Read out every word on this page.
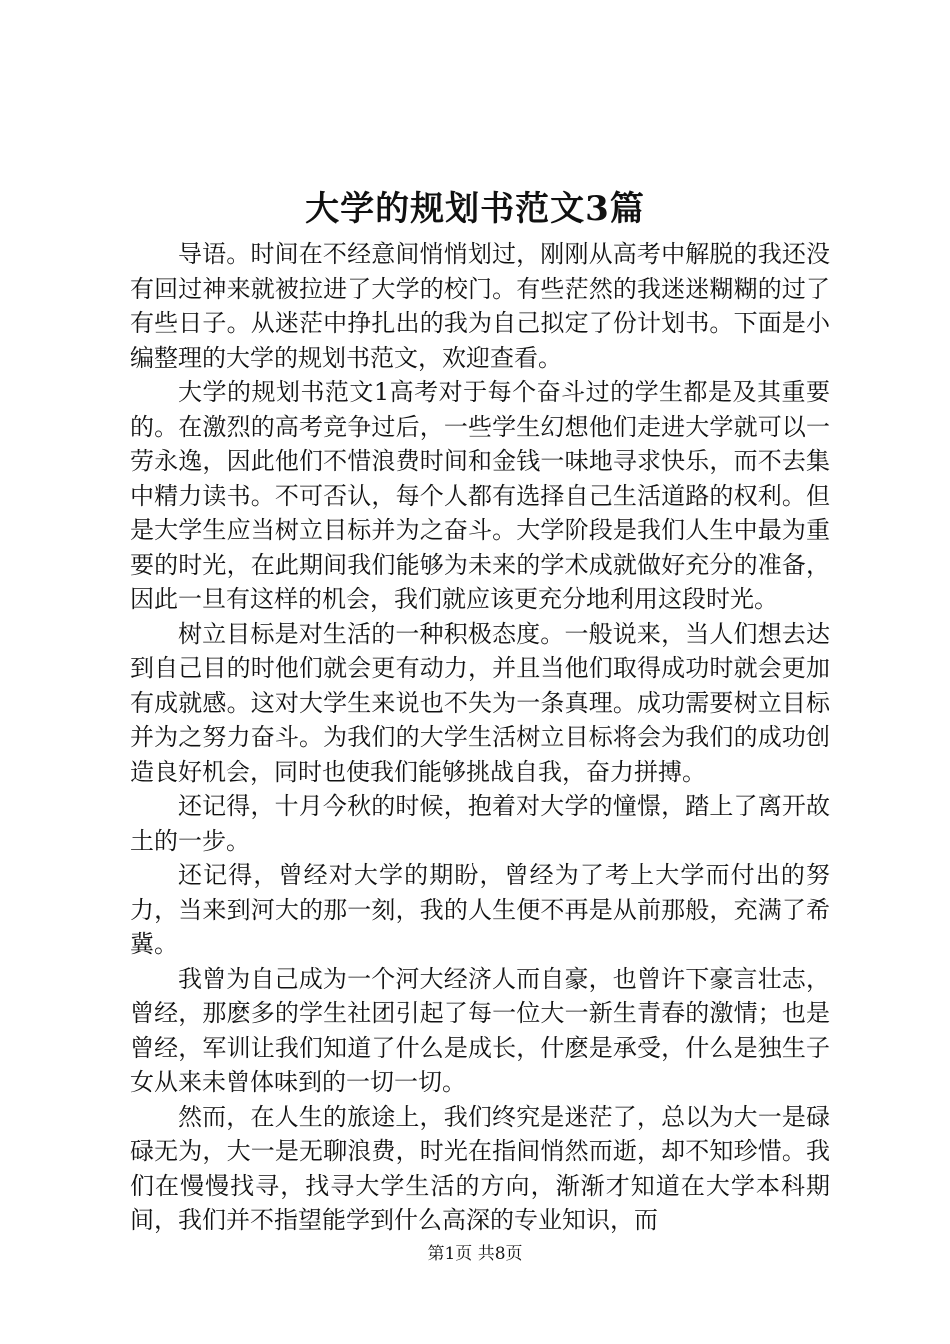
大学的规划书范文3篇

导语。时间在不经意间悄悄划过，刚刚从高考中解脱的我还没有回过神来就被拉进了大学的校门。有些茫然的我迷迷糊糊的过了有些日子。从迷茫中挣扎出的我为自己拟定了份计划书。下面是小编整理的大学的规划书范文，欢迎查看。

大学的规划书范文1高考对于每个奋斗过的学生都是及其重要的。在激烈的高考竞争过后，一些学生幻想他们走进大学就可以一劳永逸，因此他们不惜浪费时间和金钱一味地寻求快乐，而不去集中精力读书。不可否认，每个人都有选择自己生活道路的权利。但是大学生应当树立目标并为之奋斗。大学阶段是我们人生中最为重要的时光，在此期间我们能够为未来的学术成就做好充分的准备，因此一旦有这样的机会，我们就应该更充分地利用这段时光。

树立目标是对生活的一种积极态度。一般说来，当人们想去达到自己目的时他们就会更有动力，并且当他们取得成功时就会更加有成就感。这对大学生来说也不失为一条真理。成功需要树立目标并为之努力奋斗。为我们的大学生活树立目标将会为我们的成功创造良好机会，同时也使我们能够挑战自我，奋力拼搏。

还记得，十月今秋的时候，抱着对大学的憧憬，踏上了离开故土的一步。

还记得，曾经对大学的期盼，曾经为了考上大学而付出的努力，当来到河大的那一刻，我的人生便不再是从前那般，充满了希冀。

我曾为自己成为一个河大经济人而自豪，也曾许下豪言壮志，曾经，那麽多的学生社团引起了每一位大一新生青春的激情；也是曾经，军训让我们知道了什么是成长，什麽是承受，什么是独生子女从来未曾体味到的一切一切。

然而，在人生的旅途上，我们终究是迷茫了，总以为大一是碌碌无为，大一是无聊浪费，时光在指间悄然而逝，却不知珍惜。我们在慢慢找寻，找寻大学生活的方向，渐渐才知道在大学本科期间，我们并不指望能学到什么高深的专业知识，而

第1页 共8页
